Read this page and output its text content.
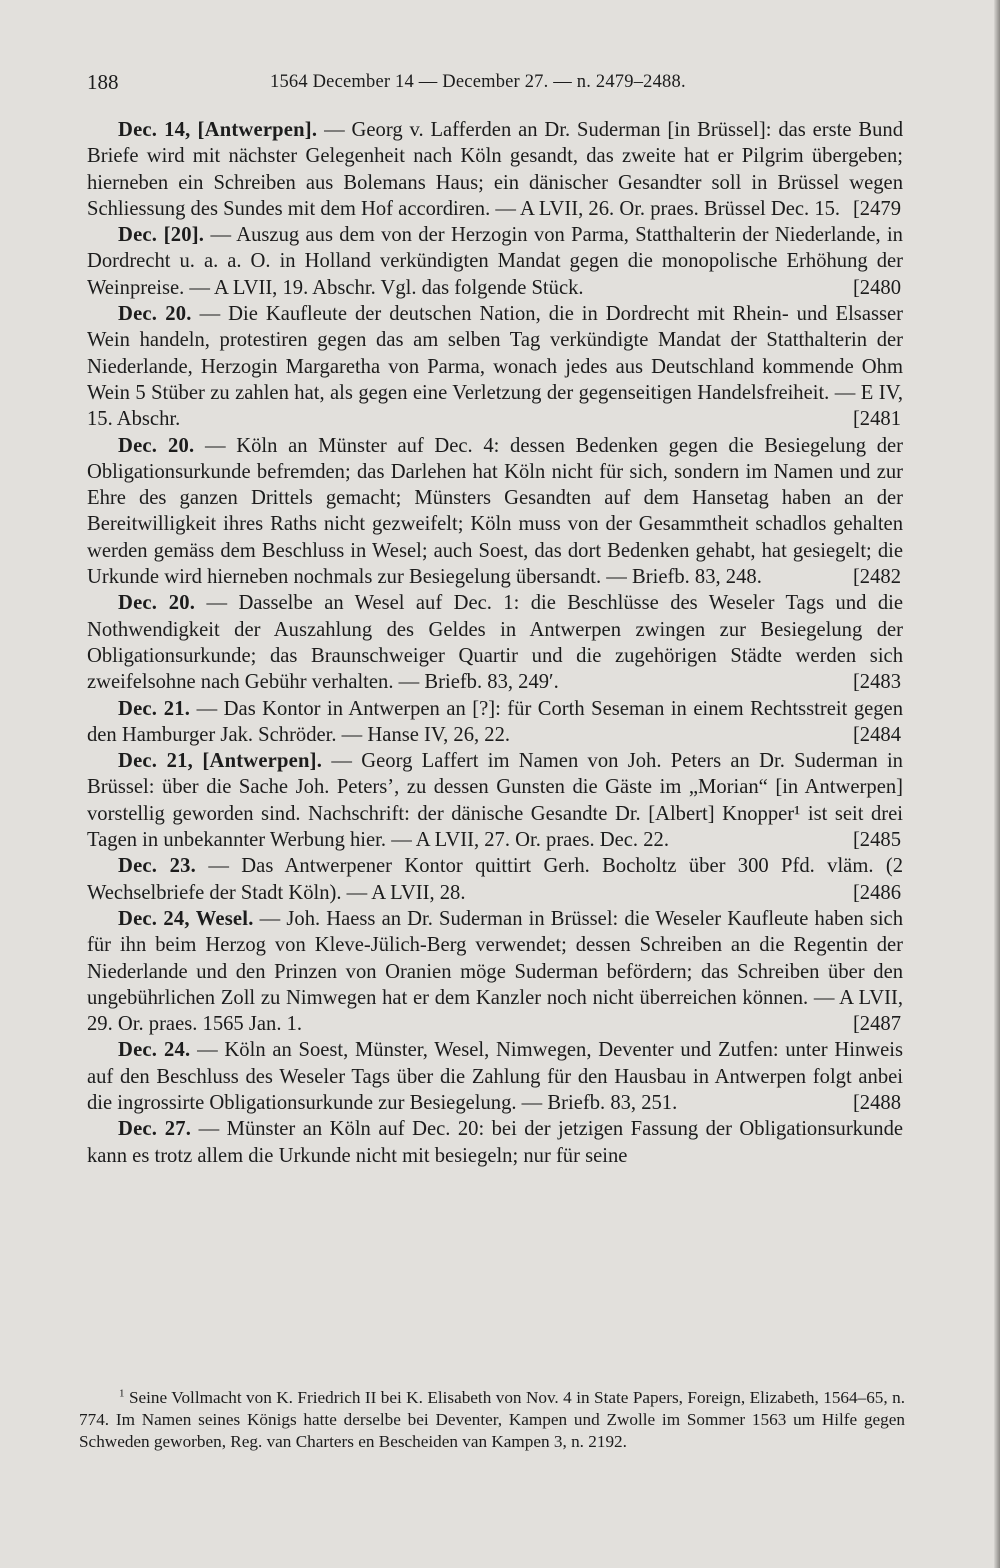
188	1564 December 14 — December 27. — n. 2479–2488.

Dec. 14, [Antwerpen]. — Georg v. Lafferden an Dr. Suderman [in Brüssel]: das erste Bund Briefe wird mit nächster Gelegenheit nach Köln gesandt, das zweite hat er Pilgrim übergeben; hierneben ein Schreiben aus Bolemans Haus; ein dänischer Gesandter soll in Brüssel wegen Schliessung des Sundes mit dem Hof accordiren. — A LVII, 26. Or. praes. Brüssel Dec. 15. [2479

Dec. [20]. — Auszug aus dem von der Herzogin von Parma, Statthalterin der Niederlande, in Dordrecht u. a. a. O. in Holland verkündigten Mandat gegen die monopolische Erhöhung der Weinpreise. — A LVII, 19. Abschr. Vgl. das folgende Stück.	[2480

Dec. 20. — Die Kaufleute der deutschen Nation, die in Dordrecht mit Rhein- und Elsasser Wein handeln, protestiren gegen das am selben Tag verkündigte Mandat der Statthalterin der Niederlande, Herzogin Margaretha von Parma, wonach jedes aus Deutschland kommende Ohm Wein 5 Stüber zu zahlen hat, als gegen eine Verletzung der gegenseitigen Handelsfreiheit. — E IV, 15. Abschr.	[2481

Dec. 20. — Köln an Münster auf Dec. 4: dessen Bedenken gegen die Besiegelung der Obligationsurkunde befremden; das Darlehen hat Köln nicht für sich, sondern im Namen und zur Ehre des ganzen Drittels gemacht; Münsters Gesandten auf dem Hansetag haben an der Bereitwilligkeit ihres Raths nicht gezweifelt; Köln muss von der Gesammtheit schadlos gehalten werden gemäss dem Beschluss in Wesel; auch Soest, das dort Bedenken gehabt, hat gesiegelt; die Urkunde wird hierneben nochmals zur Besiegelung übersandt. — Briefb. 83, 248.	[2482

Dec. 20. — Dasselbe an Wesel auf Dec. 1: die Beschlüsse des Weseler Tags und die Nothwendigkeit der Auszahlung des Geldes in Antwerpen zwingen zur Besiegelung der Obligationsurkunde; das Braunschweiger Quartir und die zugehörigen Städte werden sich zweifelsohne nach Gebühr verhalten. — Briefb. 83, 249′.	[2483

Dec. 21. — Das Kontor in Antwerpen an [?]: für Corth Seseman in einem Rechtsstreit gegen den Hamburger Jak. Schröder. — Hanse IV, 26, 22.	[2484

Dec. 21, [Antwerpen]. — Georg Laffert im Namen von Joh. Peters an Dr. Suderman in Brüssel: über die Sache Joh. Peters’, zu dessen Gunsten die Gäste im „Morian“ [in Antwerpen] vorstellig geworden sind. Nachschrift: der dänische Gesandte Dr. [Albert] Knopper¹ ist seit drei Tagen in unbekannter Werbung hier. — A LVII, 27. Or. praes. Dec. 22.	[2485

Dec. 23. — Das Antwerpener Kontor quittirt Gerh. Bocholtz über 300 Pfd. vläm. (2 Wechselbriefe der Stadt Köln). — A LVII, 28.	[2486

Dec. 24, Wesel. — Joh. Haess an Dr. Suderman in Brüssel: die Weseler Kaufleute haben sich für ihn beim Herzog von Kleve-Jülich-Berg verwendet; dessen Schreiben an die Regentin der Niederlande und den Prinzen von Oranien möge Suderman befördern; das Schreiben über den ungebührlichen Zoll zu Nimwegen hat er dem Kanzler noch nicht überreichen können. — A LVII, 29. Or. praes. 1565 Jan. 1.	[2487

Dec. 24. — Köln an Soest, Münster, Wesel, Nimwegen, Deventer und Zutfen: unter Hinweis auf den Beschluss des Weseler Tags über die Zahlung für den Hausbau in Antwerpen folgt anbei die ingrossirte Obligationsurkunde zur Besiegelung. — Briefb. 83, 251.	[2488

Dec. 27. — Münster an Köln auf Dec. 20: bei der jetzigen Fassung der Obligationsurkunde kann es trotz allem die Urkunde nicht mit besiegeln; nur für seine

$^1$ Seine Vollmacht von K. Friedrich II bei K. Elisabeth von Nov. 4 in State Papers, Foreign, Elizabeth, 1564–65, n. 774. Im Namen seines Königs hatte derselbe bei Deventer, Kampen und Zwolle im Sommer 1563 um Hilfe gegen Schweden geworben, Reg. van Charters en Bescheiden van Kampen 3, n. 2192.
